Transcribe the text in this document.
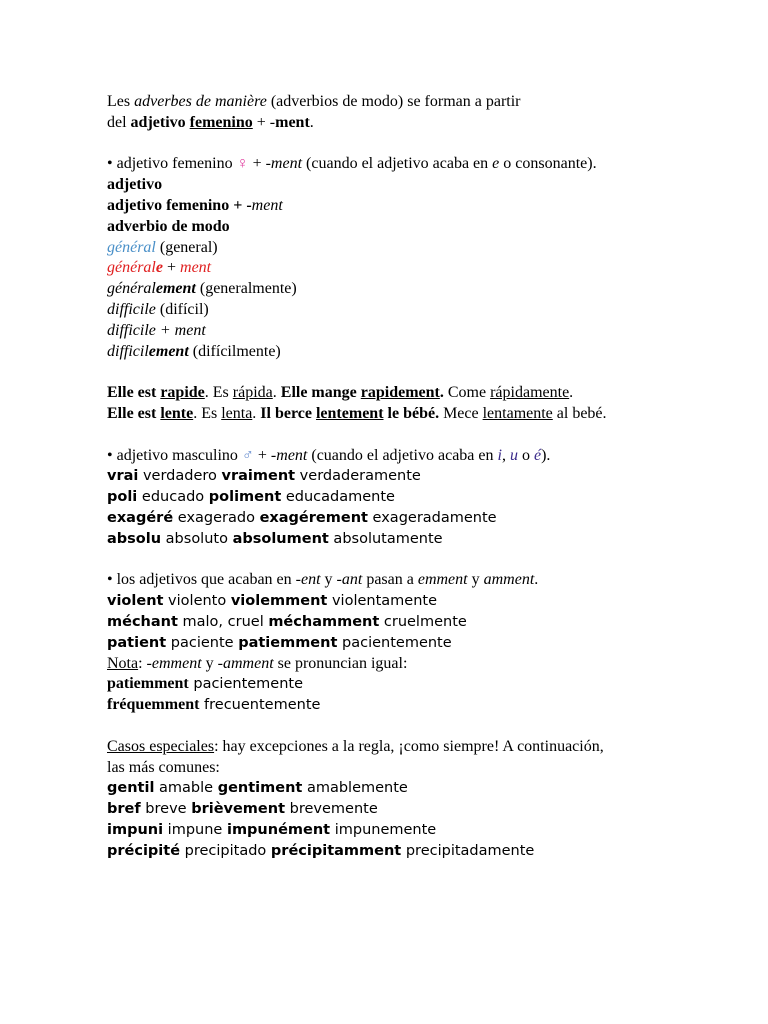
Les adverbes de manière (adverbios de modo) se forman a partir
del adjetivo femenino + -ment.
• adjetivo femenino ♀ + -ment (cuando el adjetivo acaba en e o consonante).
adjetivo
adjetivo femenino + -ment
adverbio de modo
général (general)
générale + ment
généralement (generalmente)
difficile (difícil)
difficile + ment
difficilement (difícilmente)
Elle est rapide. Es rápida. Elle mange rapidement. Come rápidamente.
Elle est lente. Es lenta. Il berce lentement le bébé. Mece lentamente al bebé.
• adjetivo masculino ♂ + -ment (cuando el adjetivo acaba en i, u o é).
vrai verdadero vraiment verdaderamente
poli educado poliment educadamente
exagéré exagerado exagérement exageradamente
absolu absoluto absolument absolutamente
• los adjetivos que acaban en -ent y -ant pasan a emment y amment.
violent violento violemment violentamente
méchant malo, cruel méchamment cruelmente
patient paciente patiemment pacientemente
Nota: -emment y -amment se pronuncian igual:
patiemment pacientemente
fréquemment frecuentemente
Casos especiales: hay excepciones a la regla, ¡como siempre! A continuación,
las más comunes:
gentil amable gentiment amablemente
bref breve brièvement brevemente
impuni impune impunément impunemente
précipité precipitado précipitamment precipitadamente
